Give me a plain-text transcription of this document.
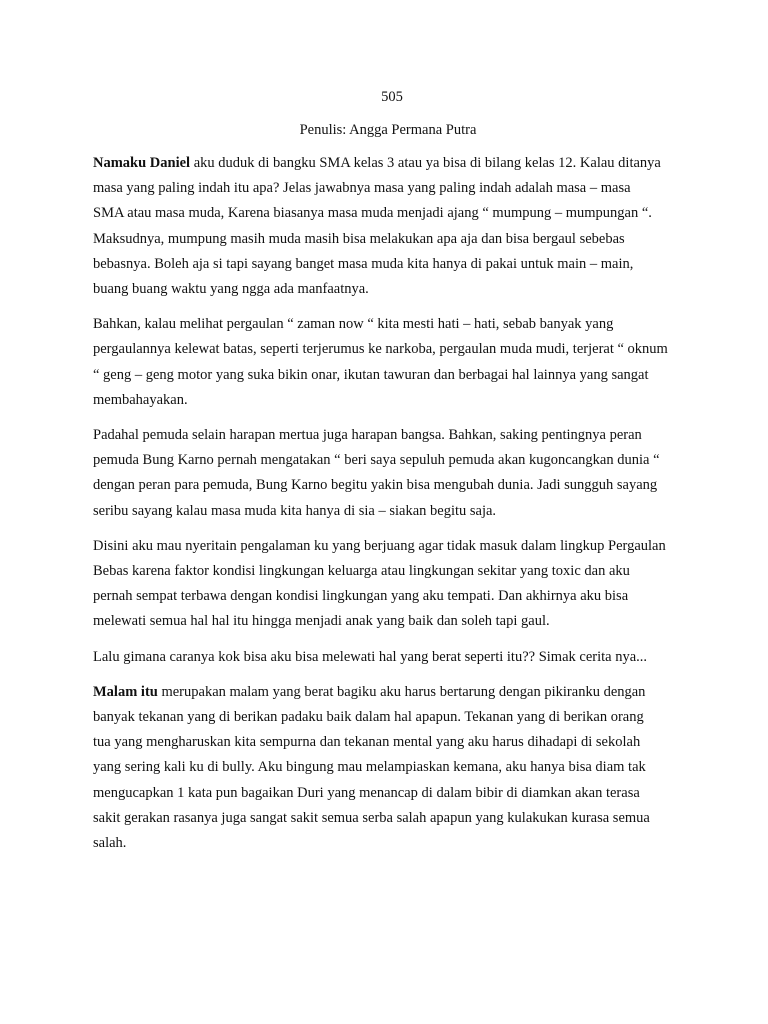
505
Penulis: Angga Permana Putra

Namaku Daniel aku duduk di bangku SMA kelas 3 atau ya bisa di bilang kelas 12. Kalau ditanya masa yang paling indah itu apa? Jelas jawabnya masa yang paling indah adalah masa – masa SMA atau masa muda, Karena biasanya masa muda menjadi ajang “ mumpung – mumpungan “. Maksudnya, mumpung masih muda masih bisa melakukan apa aja dan bisa bergaul sebebas bebasnya. Boleh aja si tapi sayang banget masa muda kita hanya di pakai untuk main – main, buang buang waktu yang ngga ada manfaatnya.

Bahkan, kalau melihat pergaulan “ zaman now “ kita mesti hati – hati, sebab banyak yang pergaulannya kelewat batas, seperti terjerumus ke narkoba, pergaulan muda mudi, terjerat “ oknum “ geng – geng motor yang suka bikin onar, ikutan tawuran dan berbagai hal lainnya yang sangat membahayakan.

Padahal pemuda selain harapan mertua juga harapan bangsa. Bahkan, saking pentingnya peran pemuda Bung Karno pernah mengatakan “ beri saya sepuluh pemuda akan kugoncangkan dunia “ dengan peran para pemuda, Bung Karno begitu yakin bisa mengubah dunia. Jadi sungguh sayang seribu sayang kalau masa muda kita hanya di sia – siakan begitu saja.

Disini aku mau nyeritain pengalaman ku yang berjuang agar tidak masuk dalam lingkup Pergaulan Bebas karena faktor kondisi lingkungan keluarga atau lingkungan sekitar yang toxic dan aku pernah sempat terbawa dengan kondisi lingkungan yang aku tempati. Dan akhirnya aku bisa melewati semua hal hal itu hingga menjadi anak yang baik dan soleh tapi gaul.

Lalu gimana caranya kok bisa aku bisa melewati hal yang berat seperti itu?? Simak cerita nya...

Malam itu merupakan malam yang berat bagiku aku harus bertarung dengan pikiranku dengan banyak tekanan yang di berikan padaku baik dalam hal apapun. Tekanan yang di berikan orang tua yang mengharuskan kita sempurna dan tekanan mental yang aku harus dihadapi di sekolah yang sering kali ku di bully. Aku bingung mau melampiaskan kemana, aku hanya bisa diam tak mengucapkan 1 kata pun bagaikan Duri yang menancap di dalam bibir di diamkan akan terasa sakit gerakan rasanya juga sangat sakit semua serba salah apapun yang kulakukan kurasa semua salah.
